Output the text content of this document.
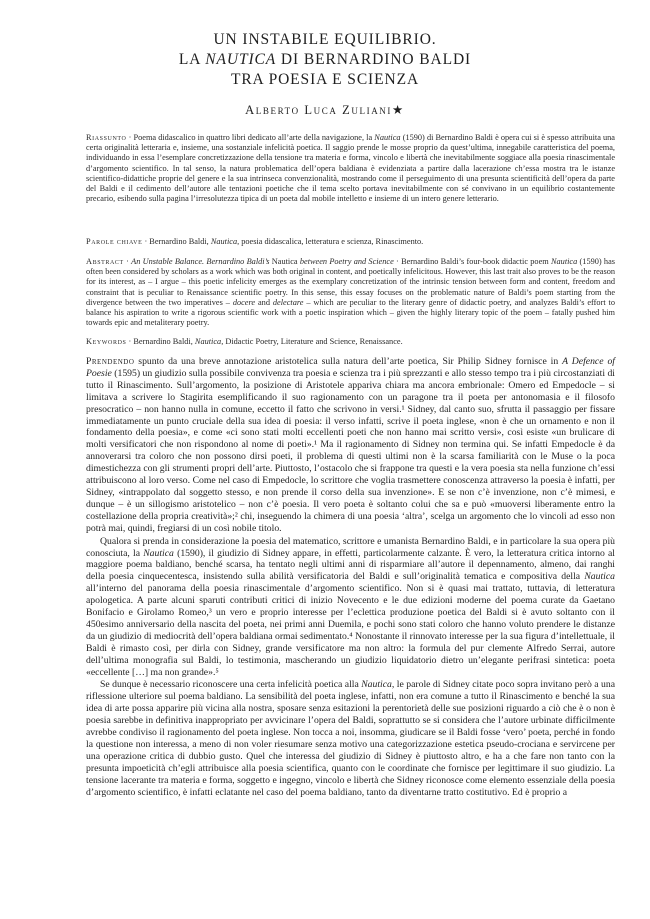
UN INSTABILE EQUILIBRIO.
LA NAUTICA DI BERNARDINO BALDI
TRA POESIA E SCIENZA
Alberto Luca Zuliani★
Riassunto · Poema didascalico in quattro libri dedicato all’arte della navigazione, la Nautica (1590) di Bernardino Baldi è opera cui si è spesso attribuita una certa originalità letteraria e, insieme, una sostanziale infelicità poetica. Il saggio prende le mosse proprio da quest’ultima, innegabile caratteristica del poema, individuando in essa l’esemplare concretizzazione della tensione tra materia e forma, vincolo e libertà che inevitabilmente soggiace alla poesia rinascimentale d’argomento scientifico. In tal senso, la natura problematica dell’opera baldiana è evidenziata a partire dalla lacerazione ch’essa mostra tra le istanze scientifico-didattiche proprie del genere e la sua intrinseca convenzionalità, mostrando come il perseguimento di una presunta scientificità dell’opera da parte del Baldi e il cedimento dell’autore alle tentazioni poetiche che il tema scelto portava inevitabilmente con sé convivano in un equilibrio costantemente precario, esibendo sulla pagina l’irresolutezza tipica di un poeta dal mobile intelletto e insieme di un intero genere letterario.
Parole chiave · Bernardino Baldi, Nautica, poesia didascalica, letteratura e scienza, Rinascimento.
Abstract · An Unstable Balance. Bernardino Baldi’s Nautica between Poetry and Science · Bernardino Baldi’s four-book didactic poem Nautica (1590) has often been considered by scholars as a work which was both original in content, and poetically infelicitous. However, this last trait also proves to be the reason for its interest, as – I argue – this poetic infelicity emerges as the exemplary concretization of the intrinsic tension between form and content, freedom and constraint that is peculiar to Renaissance scientific poetry. In this sense, this essay focuses on the problematic nature of Baldi’s poem starting from the divergence between the two imperatives – docere and delectare – which are peculiar to the literary genre of didactic poetry, and analyzes Baldi’s effort to balance his aspiration to write a rigorous scientific work with a poetic inspiration which – given the highly literary topic of the poem – fatally pushed him towards epic and metaliterary poetry.
Keywords · Bernardino Baldi, Nautica, Didactic Poetry, Literature and Science, Renaissance.

Prendendo spunto da una breve annotazione aristotelica sulla natura dell’arte poetica, Sir Philip Sidney fornisce in A Defence of Poesie (1595) un giudizio sulla possibile convivenza tra poesia e scienza tra i più sprezzanti e allo stesso tempo tra i più circostanziati di tutto il Rinascimento. Sull’argomento, la posizione di Aristotele appariva chiara ma ancora embrionale: Omero ed Empedocle – si limitava a scrivere lo Stagirita esemplificando il suo ragionamento con un paragone tra il poeta per antonomasia e il filosofo presocratico – non hanno nulla in comune, eccetto il fatto che scrivono in versi.¹ Sidney, dal canto suo, sfrutta il passaggio per fissare immediatamente un punto cruciale della sua idea di poesia: il verso infatti, scrive il poeta inglese, «non è che un ornamento e non il fondamento della poesia», e come «ci sono stati molti eccellenti poeti che non hanno mai scritto versi», così esiste «un brulicare di molti versificatori che non rispondono al nome di poeti».¹ Ma il ragionamento di Sidney non termina qui. Se infatti Empedocle è da annoverarsi tra coloro che non possono dirsi poeti, il problema di questi ultimi non è la scarsa familiarità con le Muse o la poca dimestichezza con gli strumenti propri dell’arte. Piuttosto, l’ostacolo che si frappone tra questi e la vera poesia sta nella funzione ch’essi attribuiscono al loro verso. Come nel caso di Empedocle, lo scrittore che voglia trasmettere conoscenza attraverso la poesia è infatti, per Sidney, «intrappolato dal soggetto stesso, e non prende il corso della sua invenzione». E se non c’è invenzione, non c’è mimesi, e dunque – è un sillogismo aristotelico – non c’è poesia. Il vero poeta è soltanto colui che sa e può «muoversi liberamente entro la costellazione della propria creatività»;² chi, inseguendo la chimera di una poesia ‘altra’, scelga un argomento che lo vincoli ad esso non potrà mai, quindi, fregiarsi di un così nobile titolo.

Qualora si prenda in considerazione la poesia del matematico, scrittore e umanista Bernardino Baldi, e in particolare la sua opera più conosciuta, la Nautica (1590), il giudizio di Sidney appare, in effetti, particolarmente calzante. È vero, la letteratura critica intorno al maggiore poema baldiano, benché scarsa, ha tentato negli ultimi anni di risparmiare all’autore il depennamento, almeno, dai ranghi della poesia cinquecentesca, insistendo sulla abilità versificatoria del Baldi e sull’originalità tematica e compositiva della Nautica all’interno del panorama della poesia rinascimentale d’argomento scientifico. Non si è quasi mai trattato, tuttavia, di letteratura apologetica. A parte alcuni sparuti contributi critici di inizio Novecento e le due edizioni moderne del poema curate da Gaetano Bonifacio e Girolamo Romeo,³ un vero e proprio interesse per l’eclettica produzione poetica del Baldi si è avuto soltanto con il 450esimo anniversario della nascita del poeta, nei primi anni Duemila, e pochi sono stati coloro che hanno voluto prendere le distanze da un giudizio di mediocrità dell’opera baldiana ormai sedimentato.⁴ Nonostante il rinnovato interesse per la sua figura d’intellettuale, il Baldi è rimasto così, per dirla con Sidney, grande versificatore ma non altro: la formula del pur clemente Alfredo Serrai, autore dell’ultima monografia sul Baldi, lo testimonia, mascherando un giudizio liquidatorio dietro un’elegante perifrasi sintetica: poeta «eccellente […] ma non grande».⁵

Se dunque è necessario riconoscere una certa infelicità poetica alla Nautica, le parole di Sidney citate poco sopra invitano però a una riflessione ulteriore sul poema baldiano. La sensibilità del poeta inglese, infatti, non era comune a tutto il Rinascimento e benché la sua idea di arte possa apparire più vicina alla nostra, sposare senza esitazioni la perentorietà delle sue posizioni riguardo a ciò che è o non è poesia sarebbe in definitiva inappropriato per avvicinare l’opera del Baldi, soprattutto se si considera che l’autore urbinate difficilmente avrebbe condiviso il ragionamento del poeta inglese. Non tocca a noi, insomma, giudicare se il Baldi fosse ‘vero’ poeta, perché in fondo la questione non interessa, a meno di non voler riesumare senza motivo una categorizzazione estetica pseudo-crociana e servircene per una operazione critica di dubbio gusto. Quel che interessa del giudizio di Sidney è piuttosto altro, e ha a che fare non tanto con la presunta impoeticità ch’egli attribuisce alla poesia scientifica, quanto con le coordinate che fornisce per legittimare il suo giudizio. La tensione lacerante tra materia e forma, soggetto e ingegno, vincolo e libertà che Sidney riconosce come elemento essenziale della poesia d’argomento scientifico, è infatti eclatante nel caso del poema baldiano, tanto da diventarne tratto costitutivo. Ed è proprio a
